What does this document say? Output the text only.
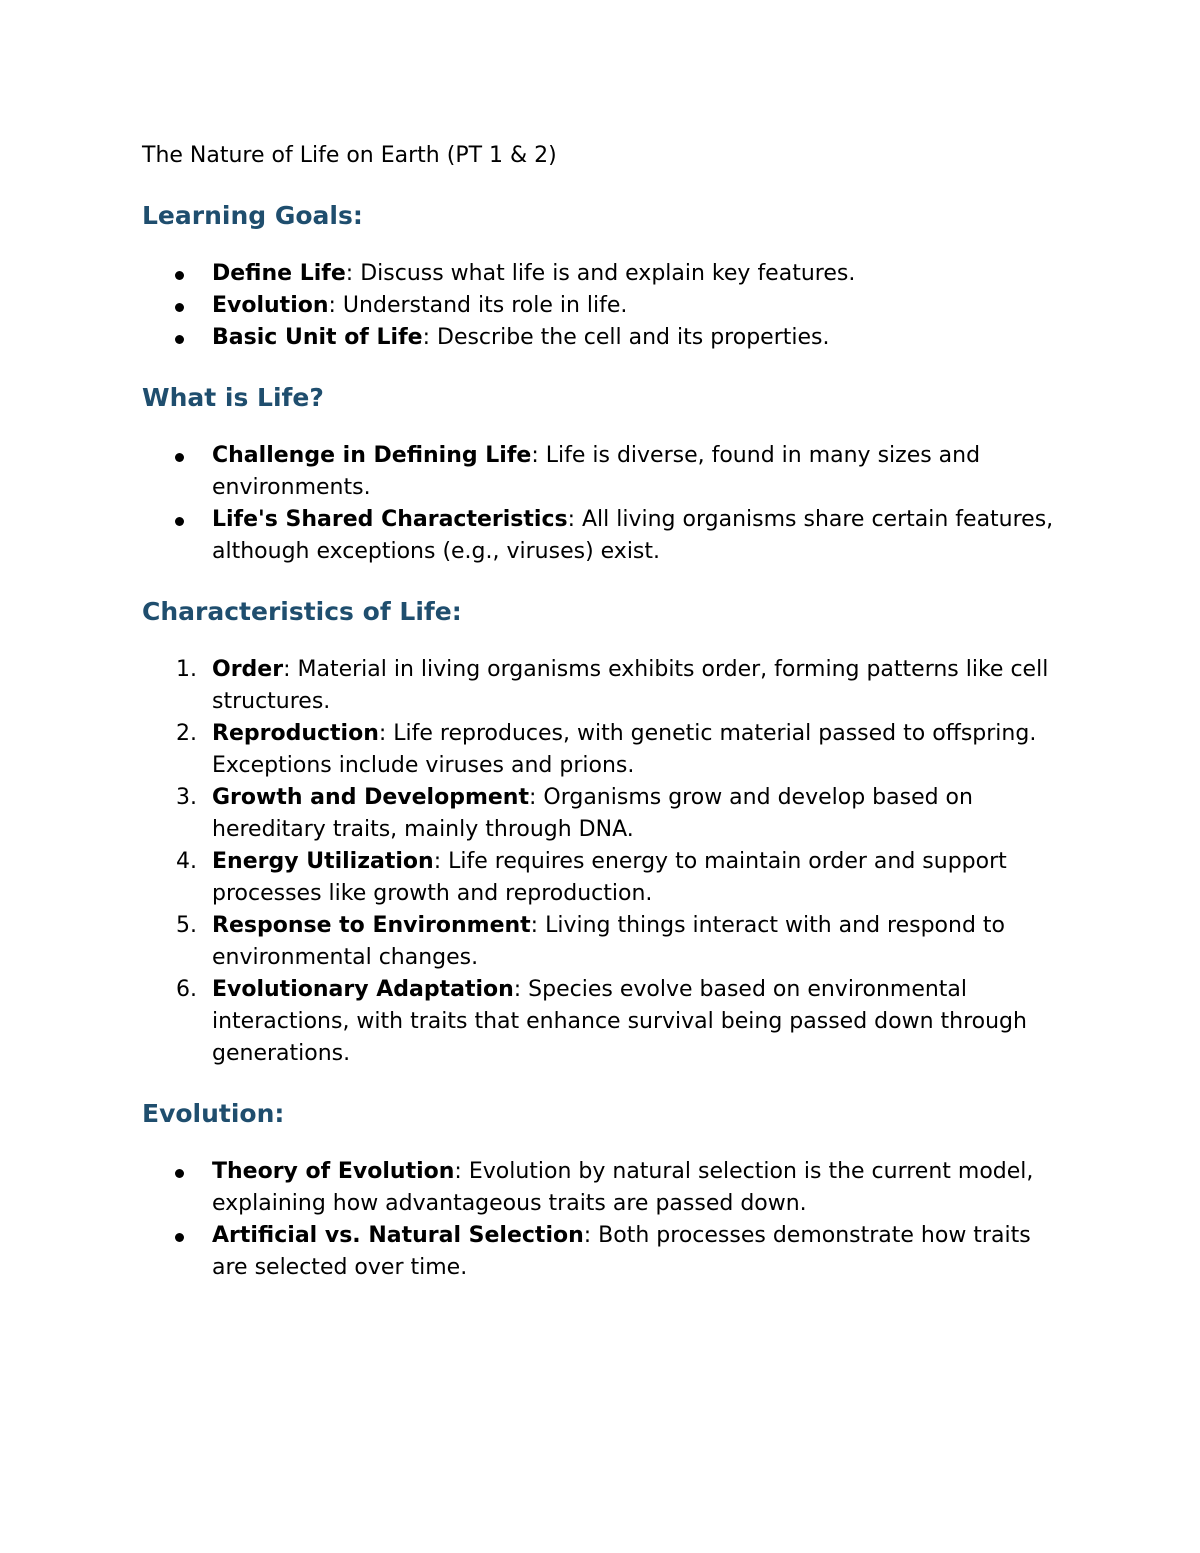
The Nature of Life on Earth (PT 1 & 2)
Learning Goals:
Define Life: Discuss what life is and explain key features.
Evolution: Understand its role in life.
Basic Unit of Life: Describe the cell and its properties.
What is Life?
Challenge in Defining Life: Life is diverse, found in many sizes and environments.
Life's Shared Characteristics: All living organisms share certain features, although exceptions (e.g., viruses) exist.
Characteristics of Life:
Order: Material in living organisms exhibits order, forming patterns like cell structures.
Reproduction: Life reproduces, with genetic material passed to offspring. Exceptions include viruses and prions.
Growth and Development: Organisms grow and develop based on hereditary traits, mainly through DNA.
Energy Utilization: Life requires energy to maintain order and support processes like growth and reproduction.
Response to Environment: Living things interact with and respond to environmental changes.
Evolutionary Adaptation: Species evolve based on environmental interactions, with traits that enhance survival being passed down through generations.
Evolution:
Theory of Evolution: Evolution by natural selection is the current model, explaining how advantageous traits are passed down.
Artificial vs. Natural Selection: Both processes demonstrate how traits are selected over time.
